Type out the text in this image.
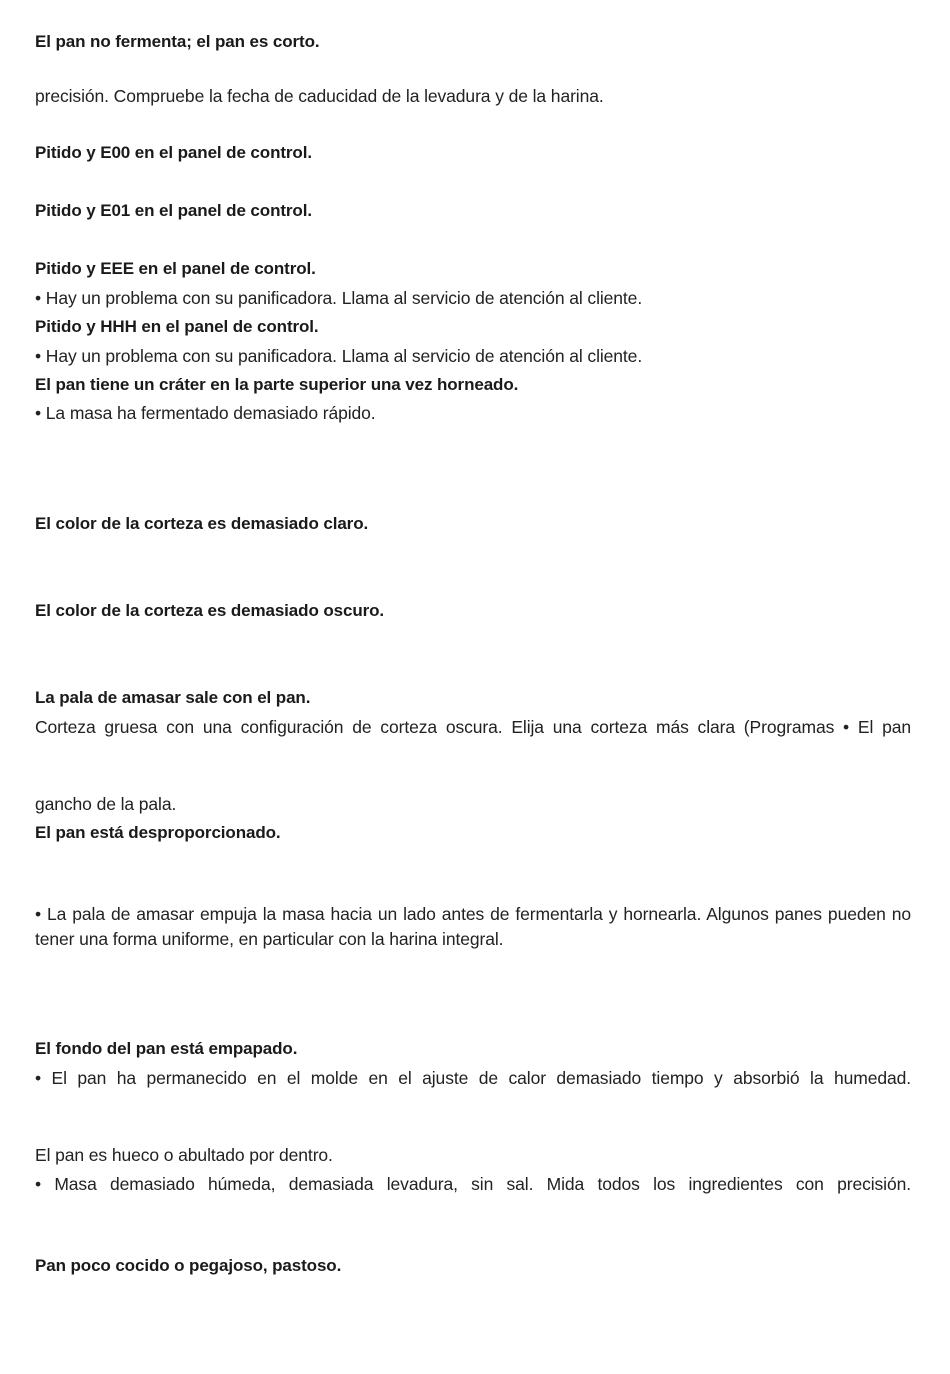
El pan no fermenta; el pan es corto.
precisión. Compruebe la fecha de caducidad de la levadura y de la harina.
Pitido y E00 en el panel de control.
Pitido y E01 en el panel de control.
Pitido y EEE en el panel de control.
• Hay un problema con su panificadora. Llama al servicio de atención al cliente.
Pitido y HHH en el panel de control.
• Hay un problema con su panificadora. Llama al servicio de atención al cliente.
El pan tiene un cráter en la parte superior una vez horneado.
• La masa ha fermentado demasiado rápido.
El color de la corteza es demasiado claro.
El color de la corteza es demasiado oscuro.
La pala de amasar sale con el pan.
Corteza gruesa con una configuración de corteza oscura. Elija una corteza más clara (Programas • El pan
gancho de la pala.
El pan está desproporcionado.
• La pala de amasar empuja la masa hacia un lado antes de fermentarla y hornearla. Algunos panes pueden no tener una forma uniforme, en particular con la harina integral.
El fondo del pan está empapado.
• El pan ha permanecido en el molde en el ajuste de calor demasiado tiempo y absorbió la humedad.
El pan es hueco o abultado por dentro.
• Masa demasiado húmeda, demasiada levadura, sin sal. Mida todos los ingredientes con precisión.
Pan poco cocido o pegajoso, pastoso.
